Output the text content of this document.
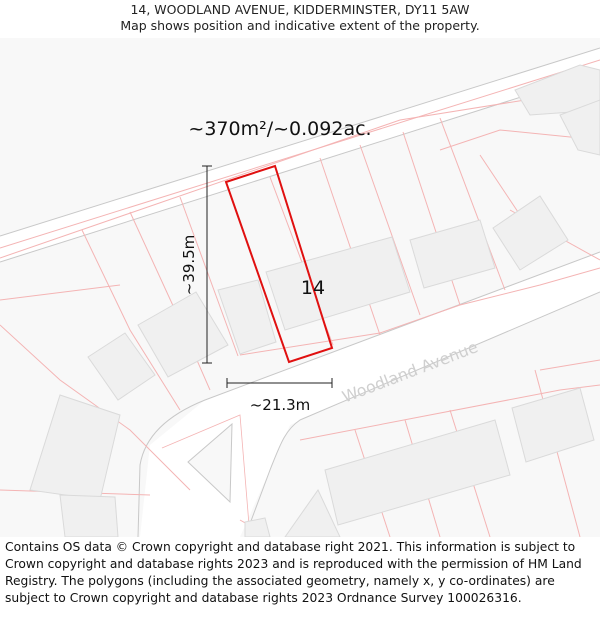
14, WOODLAND AVENUE, KIDDERMINSTER, DY11 5AW
Map shows position and indicative extent of the property.
~370m²/~0.092ac.
~39.5m
~21.3m
14
Woodland Avenue
Contains OS data © Crown copyright and database right 2021. This information is subject to Crown copyright and database rights 2023 and is reproduced with the permission of HM Land Registry. The polygons (including the associated geometry, namely x, y co-ordinates) are subject to Crown copyright and database rights 2023 Ordnance Survey 100026316.
